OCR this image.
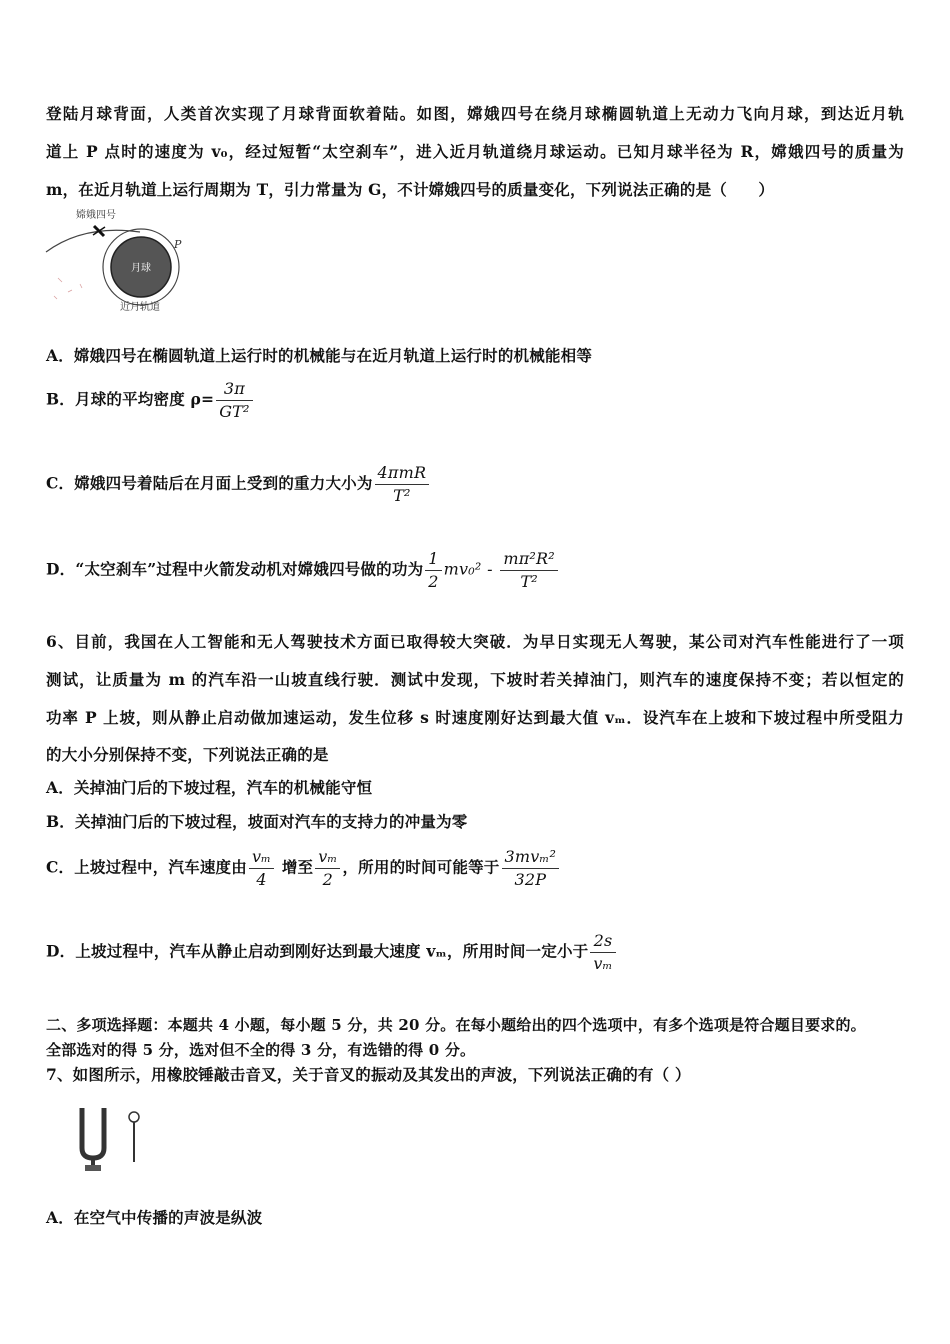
登陆月球背面，人类首次实现了月球背面软着陆。如图，嫦娥四号在绕月球椭圆轨道上无动力飞向月球，到达近月轨
道上 P 点时的速度为 v₀，经过短暂“太空刹车”，进入近月轨道绕月球运动。已知月球半径为 R，嫦娥四号的质量为
m，在近月轨道上运行周期为 T，引力常量为 G，不计嫦娥四号的质量变化，下列说法正确的是（　　）
嫦娥四号
月球
P
近月轨道
A．嫦娥四号在椭圆轨道上运行时的机械能与在近月轨道上运行时的机械能相等
B．月球的平均密度 $\rho= \frac{3\pi}{\text{GT²}}$
C．嫦娥四号着陆后在月面上受到的重力大小为 $\frac{\text{4πmR}}{\text{T²}}$
D．“太空刹车”过程中火箭发动机对嫦娥四号做的功为 $\frac{1}{2} mv_0^2 - \frac{\text{mπ²R²}}{\text{T²}}$
6、目前，我国在人工智能和无人驾驶技术方面已取得较大突破．为早日实现无人驾驶，某公司对汽车性能进行了一项
测试，让质量为 m 的汽车沿一山坡直线行驶．测试中发现，下坡时若关掉油门，则汽车的速度保持不变；若以恒定的
功率 P 上坡，则从静止启动做加速运动，发生位移 s 时速度刚好达到最大值 vₘ．设汽车在上坡和下坡过程中所受阻力
的大小分别保持不变，下列说法正确的是
A．关掉油门后的下坡过程，汽车的机械能守恒
B．关掉油门后的下坡过程，坡面对汽车的支持力的冲量为零
C．上坡过程中，汽车速度由 $\frac{\text{vₘ}}{4}$ 增至 $\frac{\text{vₘ}}{2}$ ，所用的时间可能等于 $\frac{\text{3mvₘ²}}{32P}$
D．上坡过程中，汽车从静止启动到刚好达到最大速度 vₘ，所用时间一定小于 $\frac{2s}{\text{vₘ}}$
二、多项选择题：本题共 4 小题，每小题 5 分，共 20 分。在每小题给出的四个选项中，有多个选项是符合题目要求的。
全部选对的得 5 分，选对但不全的得 3 分，有选错的得 0 分。
7、如图所示，用橡胶锤敲击音叉，关于音叉的振动及其发出的声波，下列说法正确的有（ ）
A．在空气中传播的声波是纵波
